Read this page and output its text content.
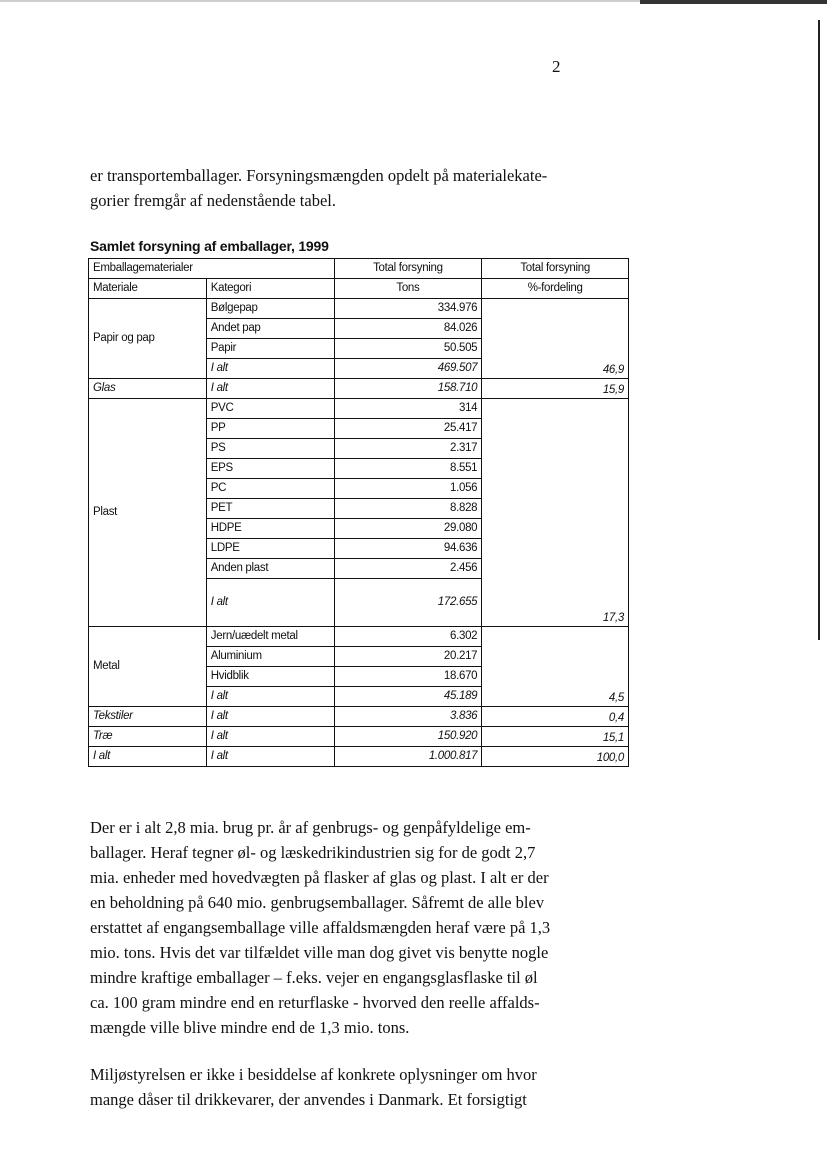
2

er transportemballager. Forsyningsmængden opdelt på materialekate-
gorier fremgår af nedenstående tabel.

Samlet forsyning af emballager, 1999
Emballagematerialer		Total forsyning	Total forsyning
Materiale	Kategori	Tons	%-fordeling
Papir og pap	Bølgepap	334.976	46,9
	Andet pap	84.026	
	Papir	50.505	
	I alt	469.507	
Glas	I alt	158.710	15,9
Plast	PVC	314	17,3
	PP	25.417	
	PS	2.317	
	EPS	8.551	
	PC	1.056	
	PET	8.828	
	HDPE	29.080	
	LDPE	94.636	
	Anden plast	2.456	
	I alt	172.655	
Metal	Jern/uædelt metal	6.302	4,5
	Aluminium	20.217	
	Hvidblik	18.670	
	I alt	45.189	
Tekstiler	I alt	3.836	0,4
Træ	I alt	150.920	15,1
I alt	I alt	1.000.817	100,0

Der er i alt 2,8 mia. brug pr. år af genbrugs- og genpåfyldelige em-
ballager. Heraf tegner øl- og læskedrikindustrien sig for de godt 2,7
mia. enheder med hovedvægten på flasker af glas og plast. I alt er der
en beholdning på 640 mio. genbrugsemballager. Såfremt de alle blev
erstattet af engangsemballage ville affaldsmængden heraf være på 1,3
mio. tons. Hvis det var tilfældet ville man dog givet vis benytte nogle
mindre kraftige emballager – f.eks. vejer en engangsglasflaske til øl
ca. 100 gram mindre end en returflaske - hvorved den reelle affalds-
mængde ville blive mindre end de 1,3 mio. tons.

Miljøstyrelsen er ikke i besiddelse af konkrete oplysninger om hvor
mange dåser til drikkevarer, der anvendes i Danmark. Et forsigtigt
